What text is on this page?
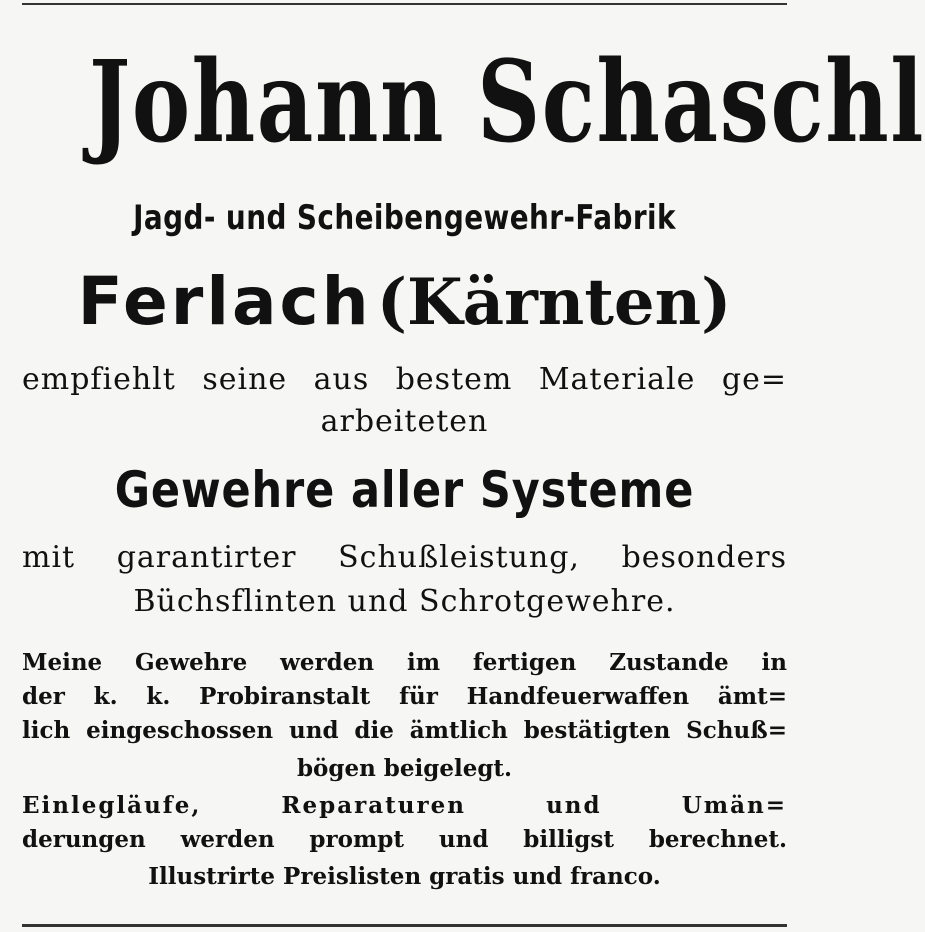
Johann Schaschl
Jagd- und Scheibengewehr-Fabrik
Ferlach (Kärnten)
empfiehlt seine aus bestem Materiale ge=
arbeiteten
Gewehre aller Systeme
mit garantirter Schußleistung, besonders
Büchsflinten und Schrotgewehre.
Meine Gewehre werden im fertigen Zustande in
der k. k. Probiranstalt für Handfeuerwaffen ämt=
lich eingeschossen und die ämtlich bestätigten Schuß=
bögen beigelegt.
Einlegläufe, Reparaturen und Umän=
derungen werden prompt und billigst berechnet.
Illustrirte Preislisten gratis und franco.
